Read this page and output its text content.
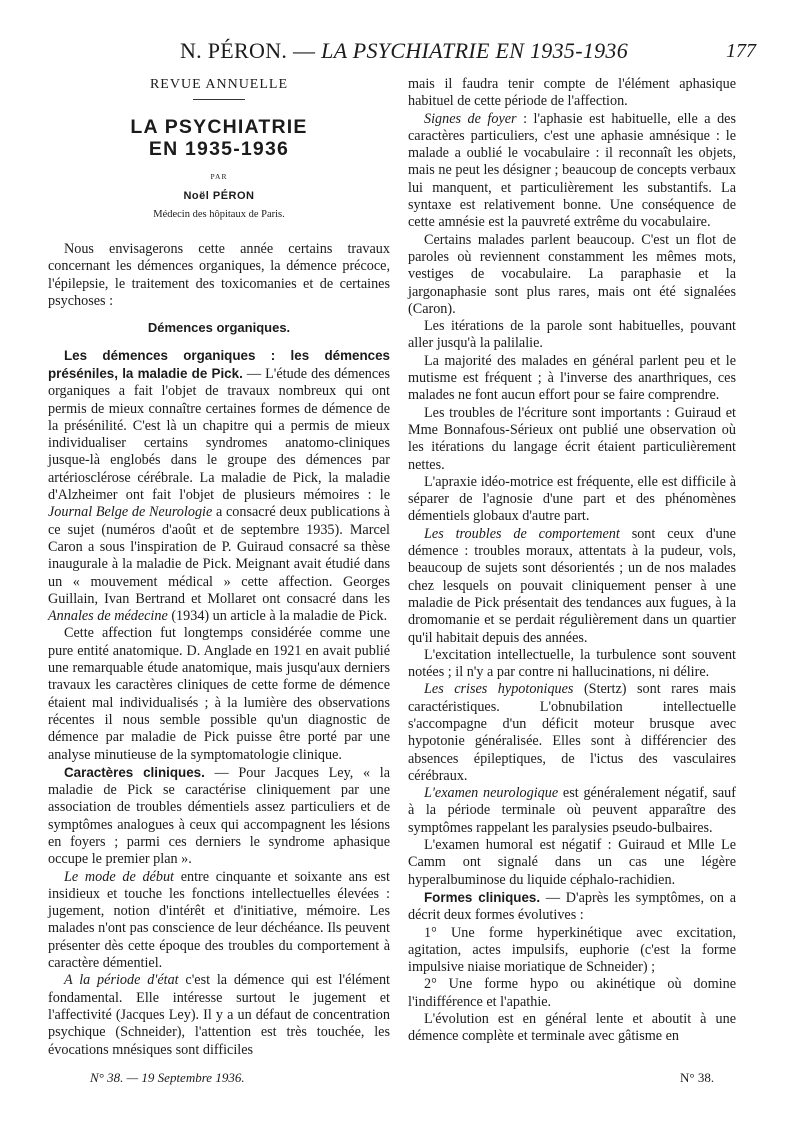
N. PÉRON. — LA PSYCHIATRIE EN 1935-1936	177
REVUE ANNUELLE
LA PSYCHIATRIE
EN 1935-1936
PAR
Noël PÉRON
Médecin des hôpitaux de Paris.

Nous envisagerons cette année certains travaux concernant les démences organiques, la démence précoce, l'épilepsie, le traitement des toxicomanies et de certaines psychoses :

Démences organiques.

Les démences organiques : les démences préséniles, la maladie de Pick. — L'étude des démences organiques a fait l'objet de travaux nombreux qui ont permis de mieux connaître certaines formes de démence de la présénilité. C'est là un chapitre qui a permis de mieux individualiser certains syndromes anatomo-cliniques jusque-là englobés dans le groupe des démences par artériosclérose cérébrale. La maladie de Pick, la maladie d'Alzheimer ont fait l'objet de plusieurs mémoires : le Journal Belge de Neurologie a consacré deux publications à ce sujet (numéros d'août et de septembre 1935). Marcel Caron a sous l'inspiration de P. Guiraud consacré sa thèse inaugurale à la maladie de Pick. Meignant avait étudié dans un « mouvement médical » cette affection. Georges Guillain, Ivan Bertrand et Mollaret ont consacré dans les Annales de médecine (1934) un article à la maladie de Pick.

Cette affection fut longtemps considérée comme une pure entité anatomique. D. Anglade en 1921 en avait publié une remarquable étude anatomique, mais jusqu'aux derniers travaux les caractères cliniques de cette forme de démence étaient mal individualisés ; à la lumière des observations récentes il nous semble possible qu'un diagnostic de démence par maladie de Pick puisse être porté par une analyse minutieuse de la symptomatologie clinique.

Caractères cliniques. — Pour Jacques Ley, « la maladie de Pick se caractérise cliniquement par une association de troubles démentiels assez particuliers et de symptômes analogues à ceux qui accompagnent les lésions en foyers ; parmi ces derniers le syndrome aphasique occupe le premier plan ».

Le mode de début entre cinquante et soixante ans est insidieux et touche les fonctions intellectuelles élevées : jugement, notion d'intérêt et d'initiative, mémoire. Les malades n'ont pas conscience de leur déchéance. Ils peuvent présenter dès cette époque des troubles du comportement à caractère démentiel.

A la période d'état c'est la démence qui est l'élément fondamental. Elle intéresse surtout le jugement et l'affectivité (Jacques Ley). Il y a un défaut de concentration psychique (Schneider), l'attention est très touchée, les évocations mnésiques sont difficiles

mais il faudra tenir compte de l'élément aphasique habituel de cette période de l'affection.

Signes de foyer : l'aphasie est habituelle, elle a des caractères particuliers, c'est une aphasie amnésique : le malade a oublié le vocabulaire : il reconnaît les objets, mais ne peut les désigner ; beaucoup de concepts verbaux lui manquent, et particulièrement les substantifs. La syntaxe est relativement bonne. Une conséquence de cette amnésie est la pauvreté extrême du vocabulaire.

Certains malades parlent beaucoup. C'est un flot de paroles où reviennent constamment les mêmes mots, vestiges de vocabulaire. La paraphasie et la jargonaphasie sont plus rares, mais ont été signalées (Caron).

Les itérations de la parole sont habituelles, pouvant aller jusqu'à la palilalie.

La majorité des malades en général parlent peu et le mutisme est fréquent ; à l'inverse des anarthriques, ces malades ne font aucun effort pour se faire comprendre.

Les troubles de l'écriture sont importants : Guiraud et Mme Bonnafous-Sérieux ont publié une observation où les itérations du langage écrit étaient particulièrement nettes.

L'apraxie idéo-motrice est fréquente, elle est difficile à séparer de l'agnosie d'une part et des phénomènes démentiels globaux d'autre part.

Les troubles de comportement sont ceux d'une démence : troubles moraux, attentats à la pudeur, vols, beaucoup de sujets sont désorientés ; un de nos malades chez lesquels on pouvait cliniquement penser à une maladie de Pick présentait des tendances aux fugues, à la dromomanie et se perdait régulièrement dans un quartier qu'il habitait depuis des années.

L'excitation intellectuelle, la turbulence sont souvent notées ; il n'y a par contre ni hallucinations, ni délire.

Les crises hypotoniques (Stertz) sont rares mais caractéristiques. L'obnubilation intellectuelle s'accompagne d'un déficit moteur brusque avec hypotonie généralisée. Elles sont à différencier des absences épileptiques, de l'ictus des vasculaires cérébraux.

L'examen neurologique est généralement négatif, sauf à la période terminale où peuvent apparaître des symptômes rappelant les paralysies pseudo-bulbaires.

L'examen humoral est négatif : Guiraud et Mlle Le Camm ont signalé dans un cas une légère hyperalbuminose du liquide céphalo-rachidien.

Formes cliniques. — D'après les symptômes, on a décrit deux formes évolutives :

1° Une forme hyperkinétique avec excitation, agitation, actes impulsifs, euphorie (c'est la forme impulsive niaise moriatique de Schneider) ;

2° Une forme hypo ou akinétique où domine l'indifférence et l'apathie.

L'évolution est en général lente et aboutit à une démence complète et terminale avec gâtisme en

N° 38. — 19 Septembre 1936.	N° 38.
